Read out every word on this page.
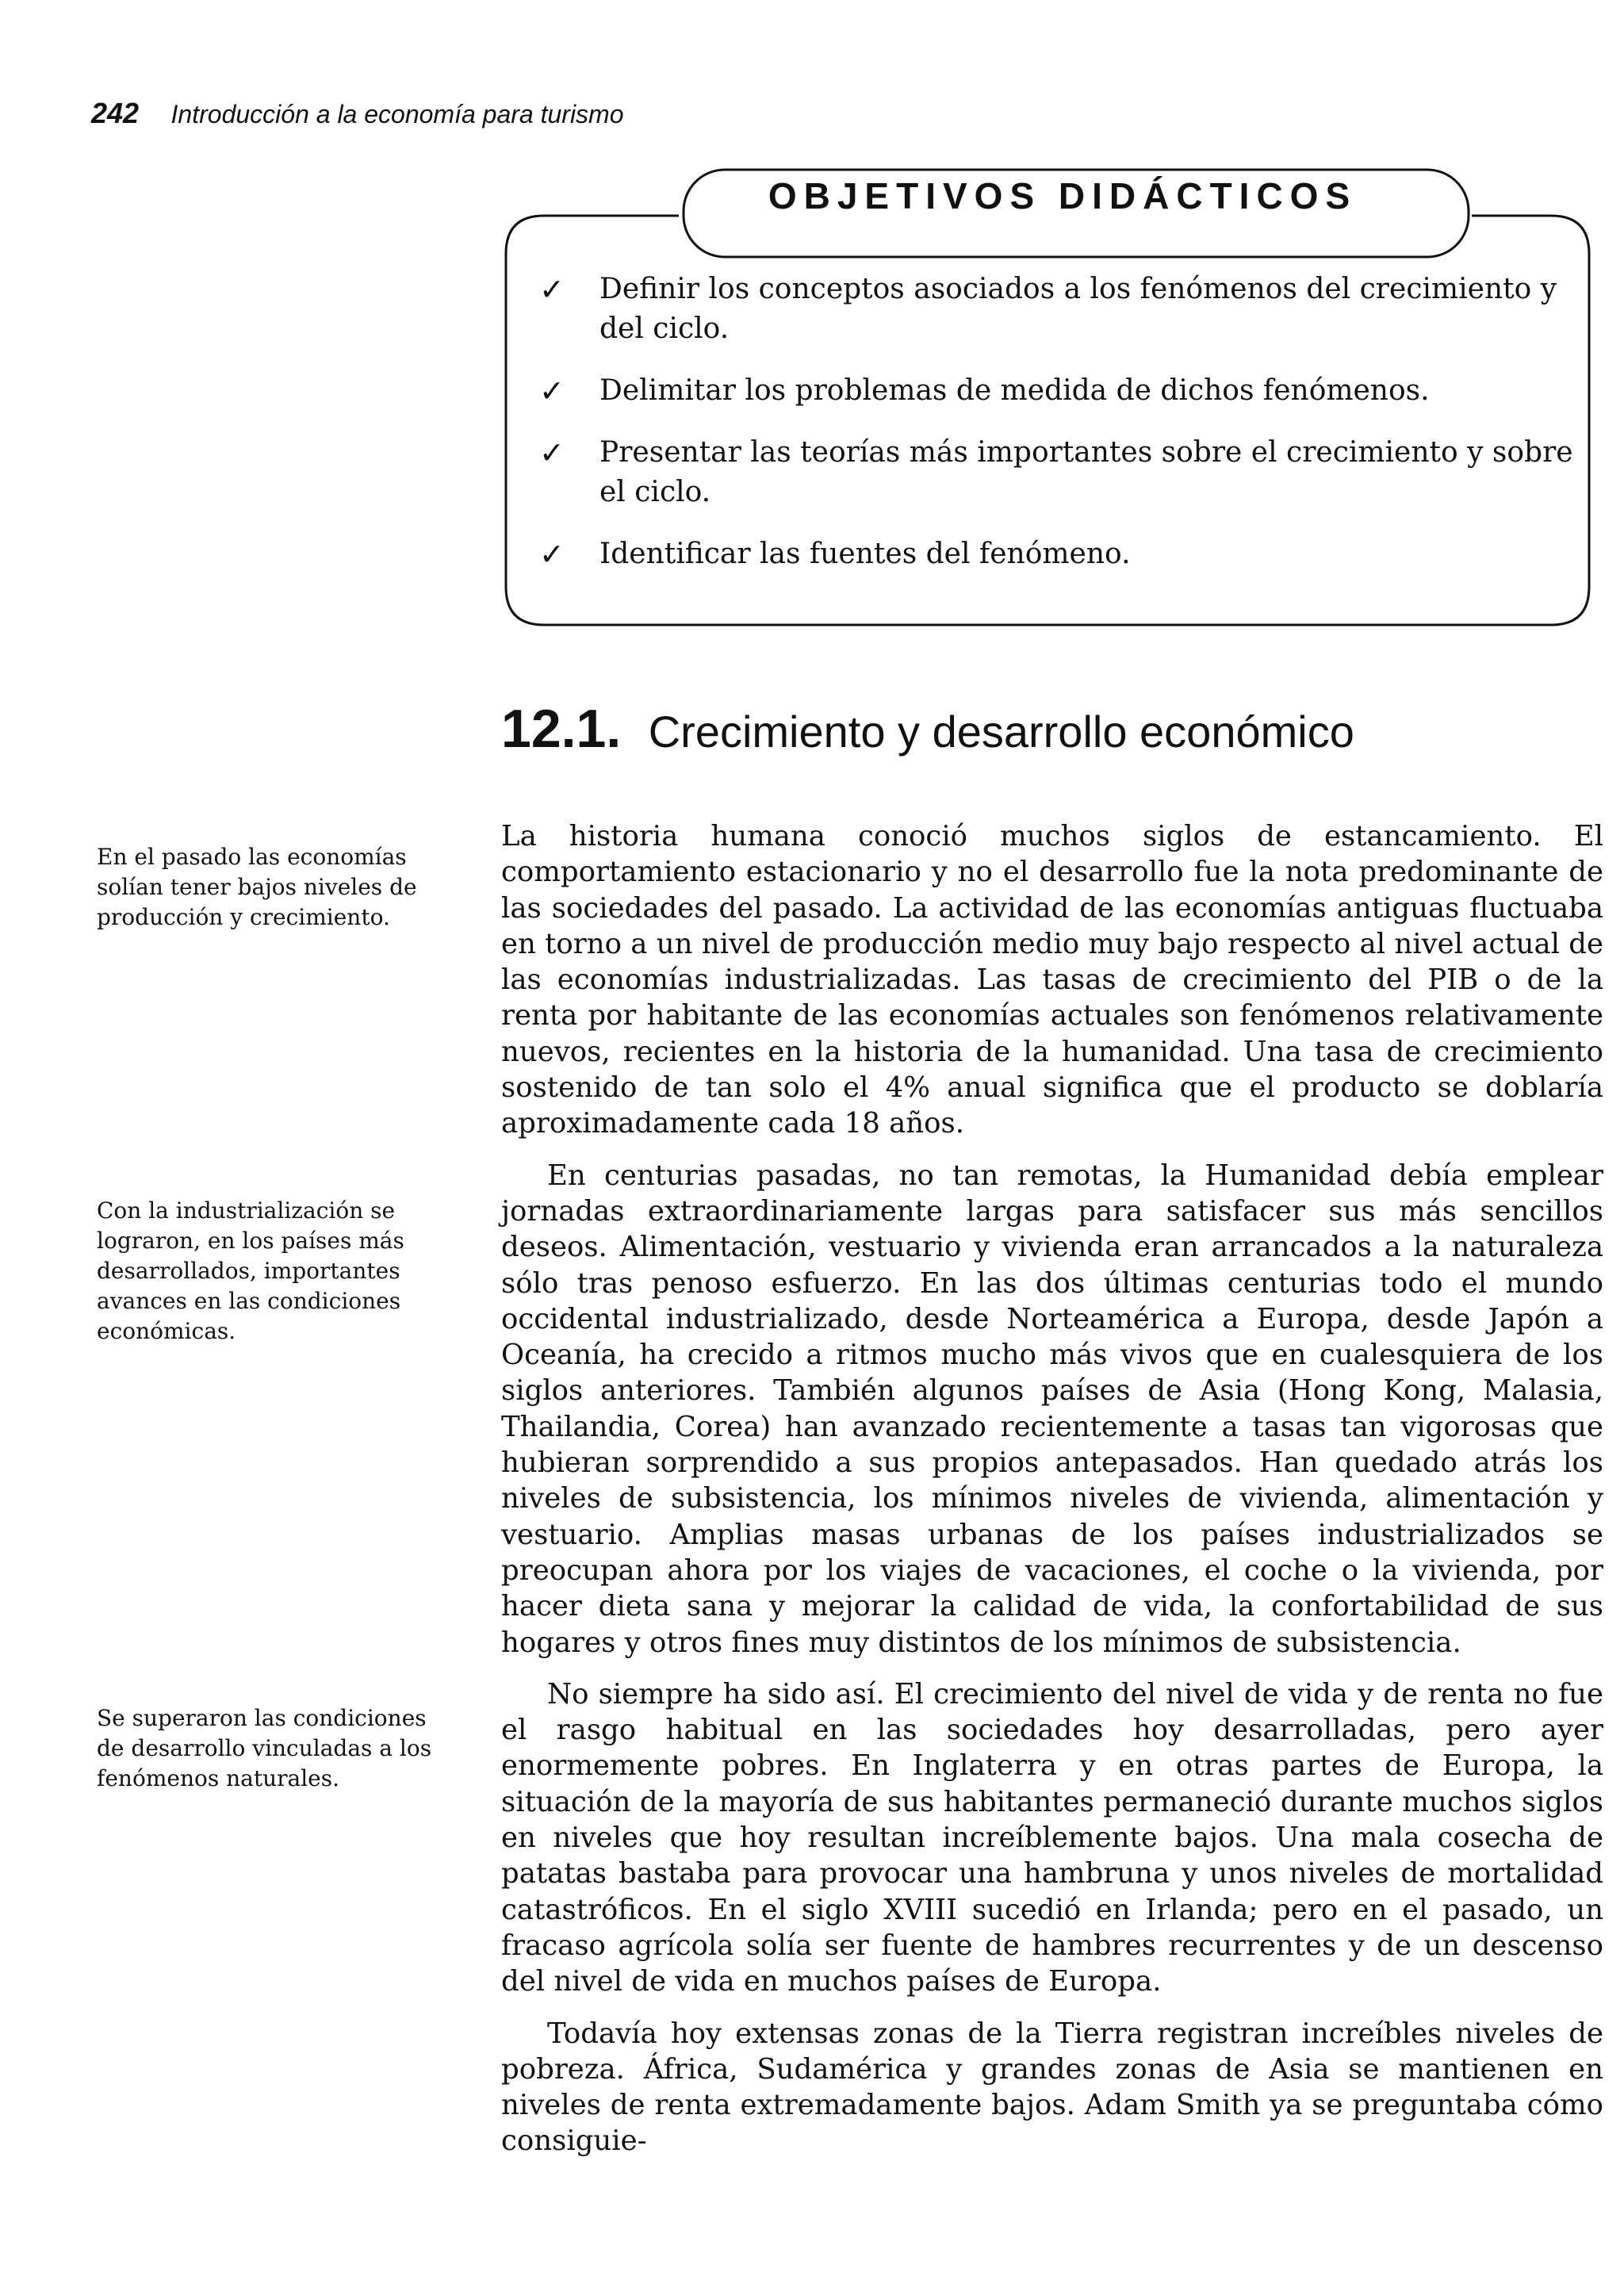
242 Introducción a la economía para turismo
OBJETIVOS DIDÁCTICOS
✓ Definir los conceptos asociados a los fenómenos del crecimiento y del ciclo.
✓ Delimitar los problemas de medida de dichos fenómenos.
✓ Presentar las teorías más importantes sobre el crecimiento y sobre el ciclo.
✓ Identificar las fuentes del fenómeno.
12.1. Crecimiento y desarrollo económico
En el pasado las economías solían tener bajos niveles de producción y crecimiento.
Con la industrialización se lograron, en los países más desarrollados, importantes avances en las condiciones económicas.
Se superaron las condiciones de desarrollo vinculadas a los fenómenos naturales.

La historia humana conoció muchos siglos de estancamiento. El comportamiento estacionario y no el desarrollo fue la nota predominante de las sociedades del pasado. La actividad de las economías antiguas fluctuaba en torno a un nivel de producción medio muy bajo respecto al nivel actual de las economías industrializadas. Las tasas de crecimiento del PIB o de la renta por habitante de las economías actuales son fenómenos relativamente nuevos, recientes en la historia de la humanidad. Una tasa de crecimiento sostenido de tan solo el 4% anual significa que el producto se doblaría aproximadamente cada 18 años.

En centurias pasadas, no tan remotas, la Humanidad debía emplear jornadas extraordinariamente largas para satisfacer sus más sencillos deseos. Alimentación, vestuario y vivienda eran arrancados a la naturaleza sólo tras penoso esfuerzo. En las dos últimas centurias todo el mundo occidental industrializado, desde Norteamérica a Europa, desde Japón a Oceanía, ha crecido a ritmos mucho más vivos que en cualesquiera de los siglos anteriores. También algunos países de Asia (Hong Kong, Malasia, Thailandia, Corea) han avanzado recientemente a tasas tan vigorosas que hubieran sorprendido a sus propios antepasados. Han quedado atrás los niveles de subsistencia, los mínimos niveles de vivienda, alimentación y vestuario. Amplias masas urbanas de los países industrializados se preocupan ahora por los viajes de vacaciones, el coche o la vivienda, por hacer dieta sana y mejorar la calidad de vida, la confortabilidad de sus hogares y otros fines muy distintos de los mínimos de subsistencia.

No siempre ha sido así. El crecimiento del nivel de vida y de renta no fue el rasgo habitual en las sociedades hoy desarrolladas, pero ayer enormemente pobres. En Inglaterra y en otras partes de Europa, la situación de la mayoría de sus habitantes permaneció durante muchos siglos en niveles que hoy resultan increíblemente bajos. Una mala cosecha de patatas bastaba para provocar una hambruna y unos niveles de mortalidad catastróficos. En el siglo XVIII sucedió en Irlanda; pero en el pasado, un fracaso agrícola solía ser fuente de hambres recurrentes y de un descenso del nivel de vida en muchos países de Europa.

Todavía hoy extensas zonas de la Tierra registran increíbles niveles de pobreza. África, Sudamérica y grandes zonas de Asia se mantienen en niveles de renta extremadamente bajos. Adam Smith ya se preguntaba cómo consiguie-
